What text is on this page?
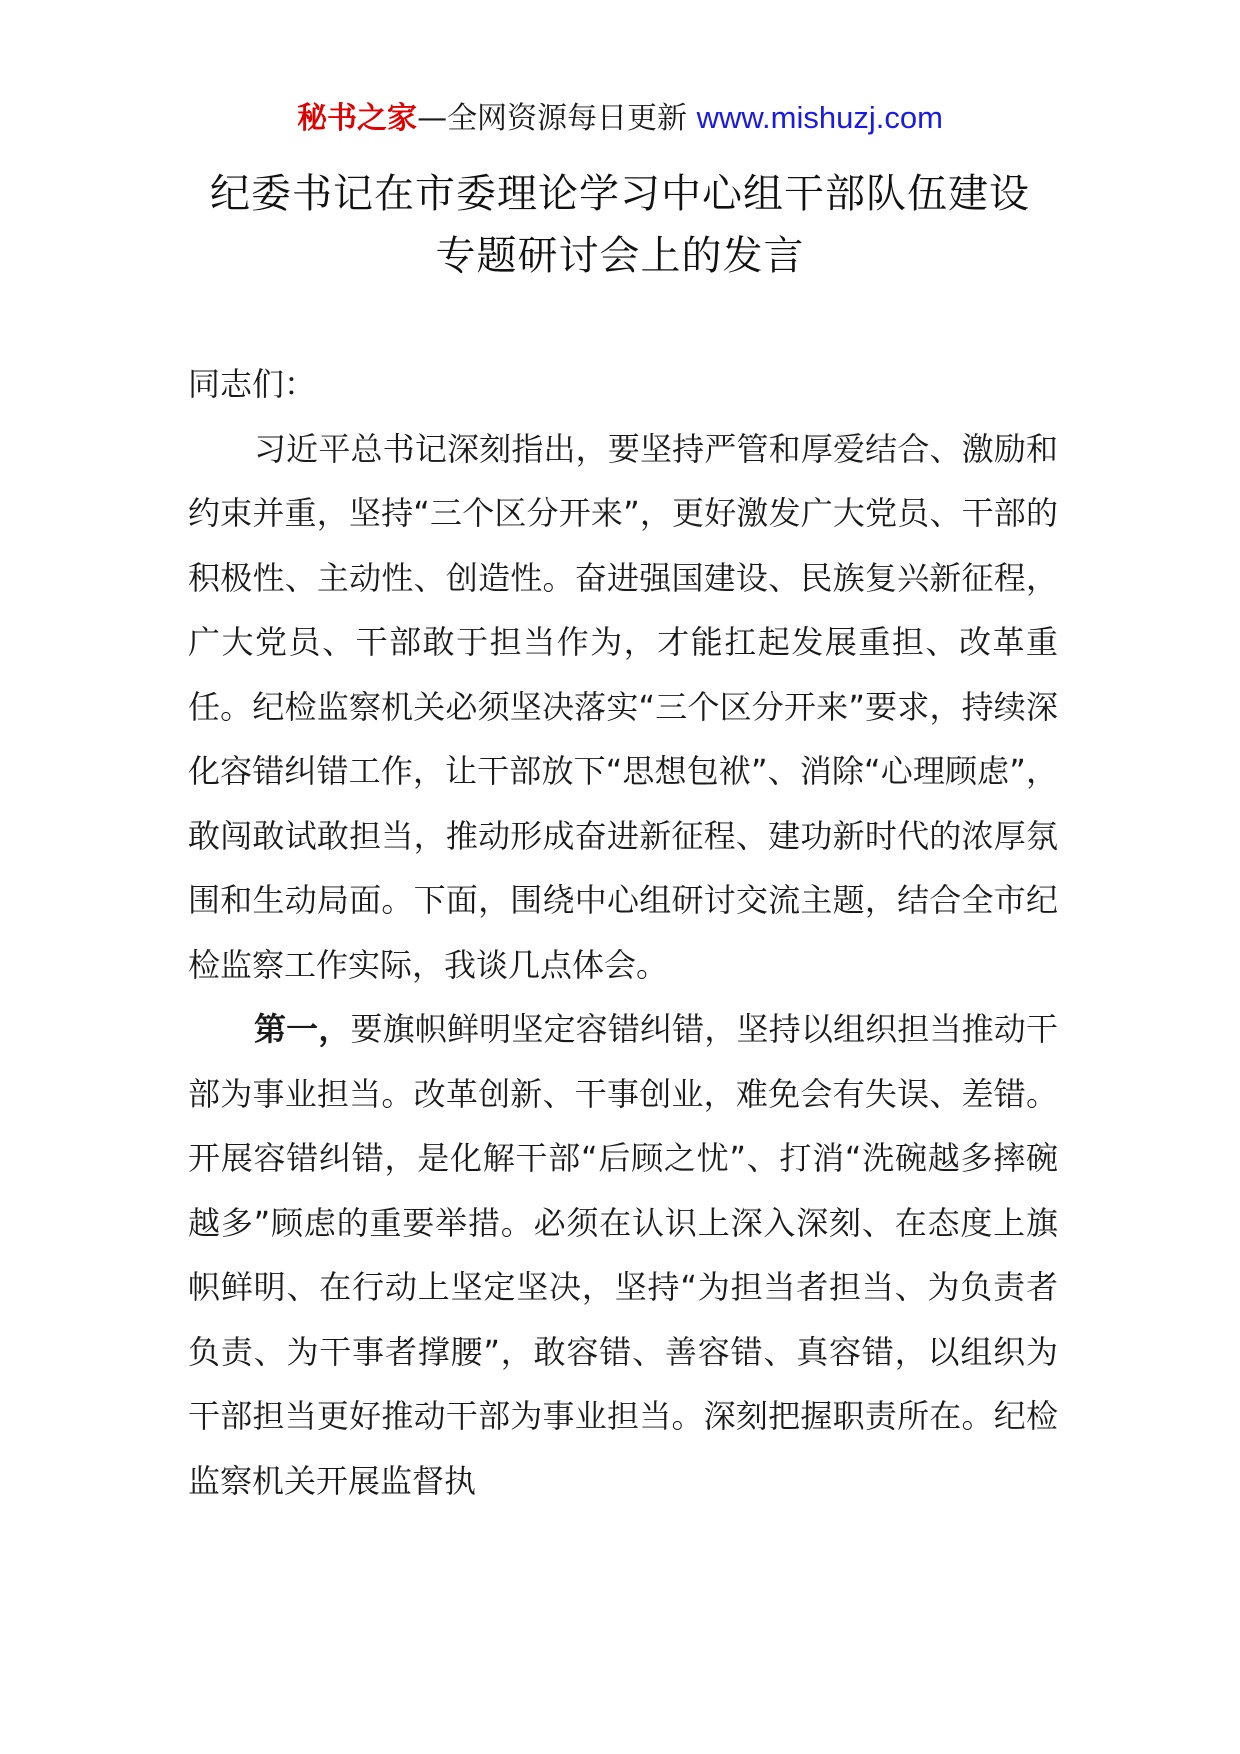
秘书之家—全网资源每日更新 www.mishuzj.com
纪委书记在市委理论学习中心组干部队伍建设
专题研讨会上的发言

同志们：

习近平总书记深刻指出，要坚持严管和厚爱结合、激励和约束并重，坚持“三个区分开来”，更好激发广大党员、干部的积极性、主动性、创造性。奋进强国建设、民族复兴新征程，广大党员、干部敢于担当作为，才能扛起发展重担、改革重任。纪检监察机关必须坚决落实“三个区分开来”要求，持续深化容错纠错工作，让干部放下“思想包袱”、消除“心理顾虑”，敢闯敢试敢担当，推动形成奋进新征程、建功新时代的浓厚氛围和生动局面。下面，围绕中心组研讨交流主题，结合全市纪检监察工作实际，我谈几点体会。

第一，要旗帜鲜明坚定容错纠错，坚持以组织担当推动干部为事业担当。改革创新、干事创业，难免会有失误、差错。开展容错纠错，是化解干部“后顾之忧”、打消“洗碗越多摔碗越多”顾虑的重要举措。必须在认识上深入深刻、在态度上旗帜鲜明、在行动上坚定坚决，坚持“为担当者担当、为负责者负责、为干事者撑腰”，敢容错、善容错、真容错，以组织为干部担当更好推动干部为事业担当。深刻把握职责所在。纪检监察机关开展监督执
